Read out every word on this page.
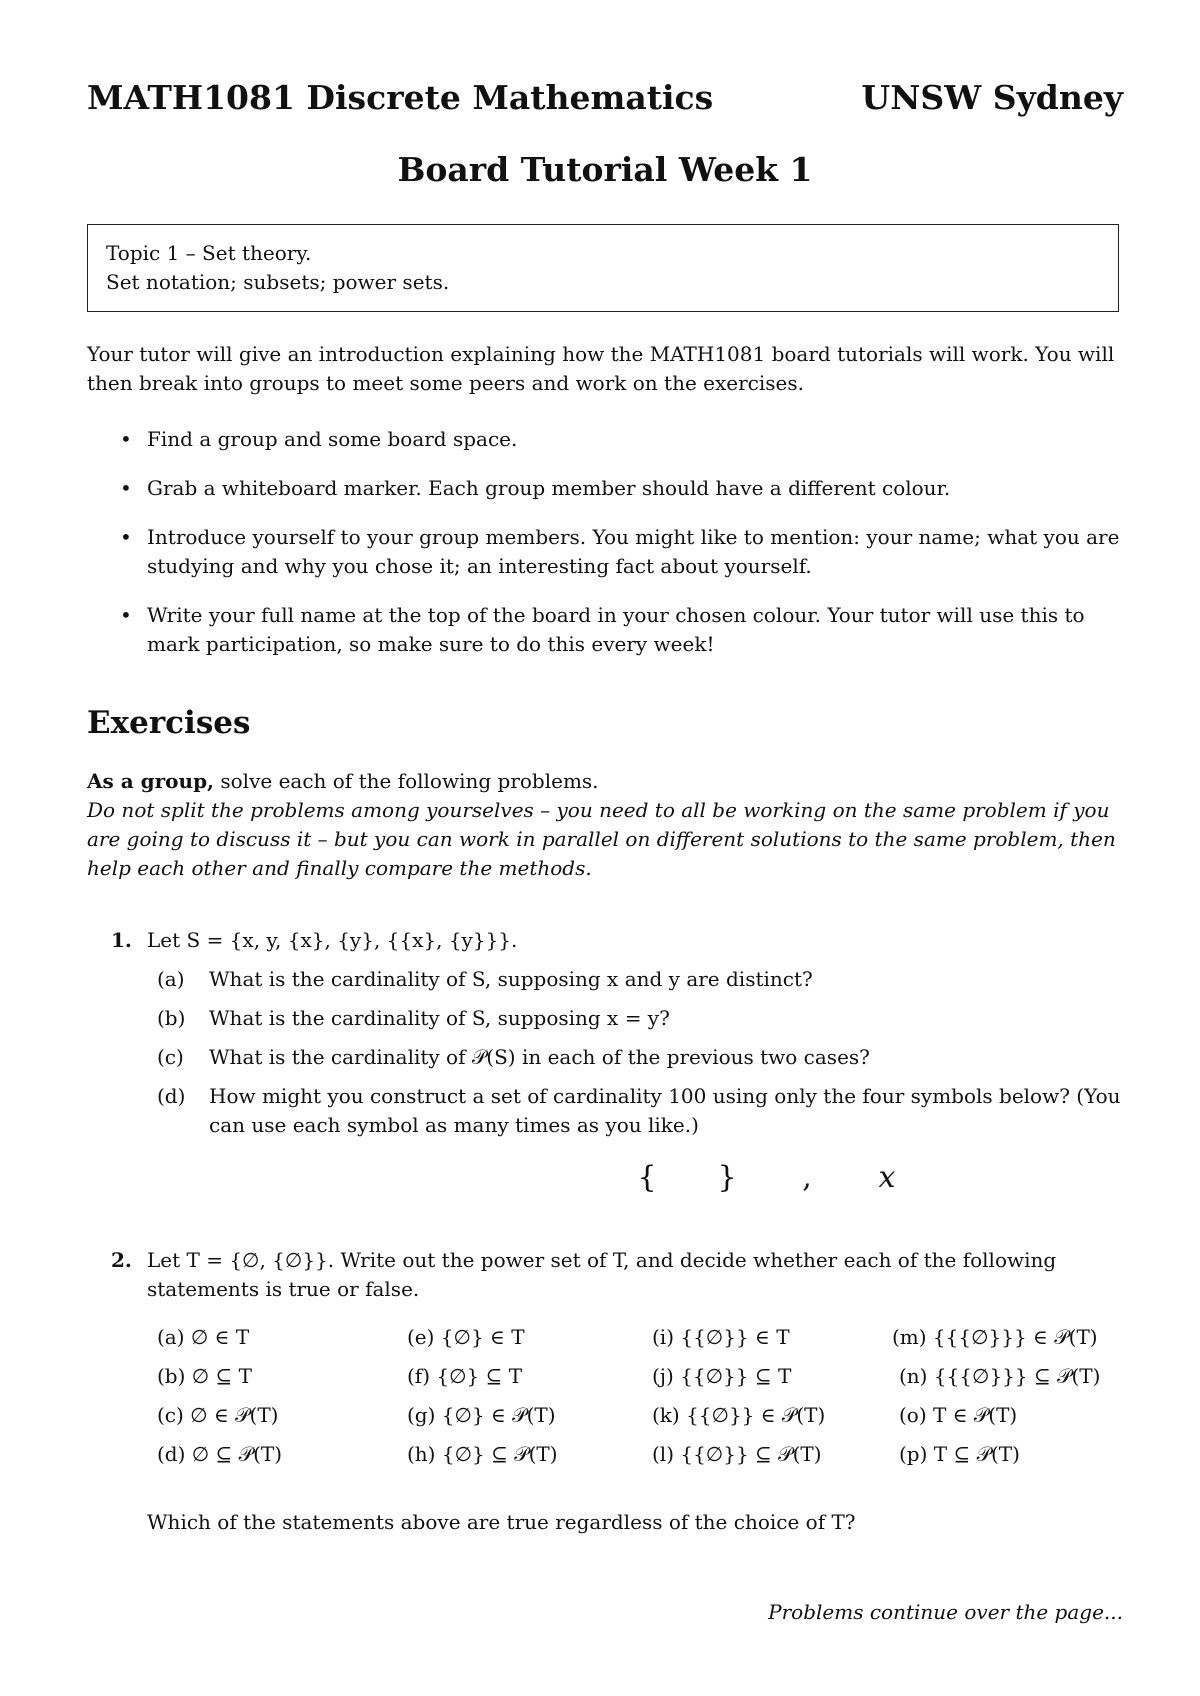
MATH1081 Discrete Mathematics	UNSW Sydney
Board Tutorial Week 1
Topic 1 – Set theory.
Set notation; subsets; power sets.
Your tutor will give an introduction explaining how the MATH1081 board tutorials will work. You will then break into groups to meet some peers and work on the exercises.
• Find a group and some board space.
• Grab a whiteboard marker. Each group member should have a different colour.
• Introduce yourself to your group members. You might like to mention: your name; what you are studying and why you chose it; an interesting fact about yourself.
• Write your full name at the top of the board in your chosen colour. Your tutor will use this to mark participation, so make sure to do this every week!
Exercises
As a group, solve each of the following problems.
Do not split the problems among yourselves – you need to all be working on the same problem if you are going to discuss it – but you can work in parallel on different solutions to the same problem, then help each other and finally compare the methods.
1. Let S = {x, y, {x}, {y}, {{x}, {y}}}.
(a) What is the cardinality of S, supposing x and y are distinct?
(b) What is the cardinality of S, supposing x = y?
(c) What is the cardinality of 𝒫(S) in each of the previous two cases?
(d) How might you construct a set of cardinality 100 using only the four symbols below? (You can use each symbol as many times as you like.)
{ } , x
2. Let T = {∅, {∅}}. Write out the power set of T, and decide whether each of the following statements is true or false.
(a) ∅ ∈ T	(e) {∅} ∈ T	(i) {{∅}} ∈ T	(m) {{{∅}}} ∈ 𝒫(T)
(b) ∅ ⊆ T	(f) {∅} ⊆ T	(j) {{∅}} ⊆ T	(n) {{{∅}}} ⊆ 𝒫(T)
(c) ∅ ∈ 𝒫(T)	(g) {∅} ∈ 𝒫(T)	(k) {{∅}} ∈ 𝒫(T)	(o) T ∈ 𝒫(T)
(d) ∅ ⊆ 𝒫(T)	(h) {∅} ⊆ 𝒫(T)	(l) {{∅}} ⊆ 𝒫(T)	(p) T ⊆ 𝒫(T)
Which of the statements above are true regardless of the choice of T?
Problems continue over the page...
